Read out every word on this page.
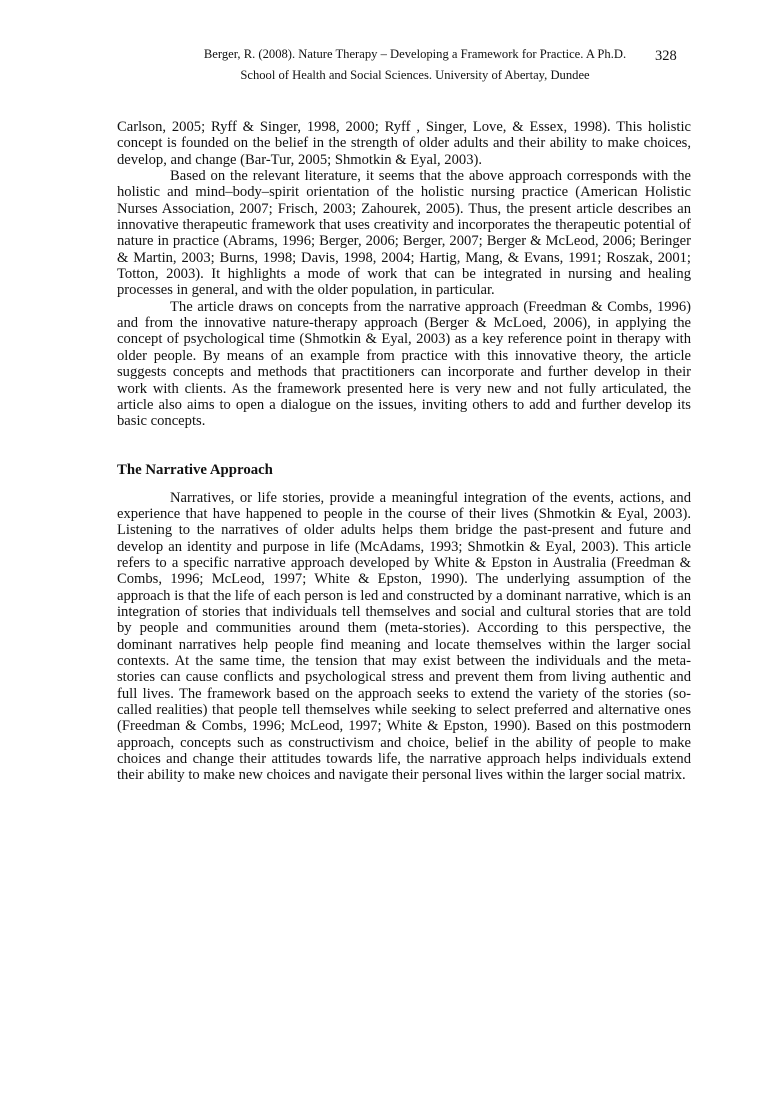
Berger, R. (2008). Nature Therapy – Developing a Framework for Practice. A Ph.D.
School of Health and Social Sciences. University of Abertay, Dundee
328

Carlson, 2005; Ryff & Singer, 1998, 2000; Ryff , Singer, Love, & Essex, 1998). This holistic concept is founded on the belief in the strength of older adults and their ability to make choices, develop, and change (Bar-Tur, 2005; Shmotkin & Eyal, 2003).

Based on the relevant literature, it seems that the above approach corresponds with the holistic and mind–body–spirit orientation of the holistic nursing practice (American Holistic Nurses Association, 2007; Frisch, 2003; Zahourek, 2005). Thus, the present article describes an innovative therapeutic framework that uses creativity and incorporates the therapeutic potential of nature in practice (Abrams, 1996; Berger, 2006; Berger, 2007; Berger & McLeod, 2006; Beringer & Martin, 2003; Burns, 1998; Davis, 1998, 2004; Hartig, Mang, & Evans, 1991; Roszak, 2001; Totton, 2003). It highlights a mode of work that can be integrated in nursing and healing processes in general, and with the older population, in particular.

The article draws on concepts from the narrative approach (Freedman & Combs, 1996) and from the innovative nature-therapy approach (Berger & McLoed, 2006), in applying the concept of psychological time (Shmotkin & Eyal, 2003) as a key reference point in therapy with older people. By means of an example from practice with this innovative theory, the article suggests concepts and methods that practitioners can incorporate and further develop in their work with clients. As the framework presented here is very new and not fully articulated, the article also aims to open a dialogue on the issues, inviting others to add and further develop its basic concepts.

The Narrative Approach

Narratives, or life stories, provide a meaningful integration of the events, actions, and experience that have happened to people in the course of their lives (Shmotkin & Eyal, 2003). Listening to the narratives of older adults helps them bridge the past-present and future and develop an identity and purpose in life (McAdams, 1993; Shmotkin & Eyal, 2003). This article refers to a specific narrative approach developed by White & Epston in Australia (Freedman & Combs, 1996; McLeod, 1997; White & Epston, 1990). The underlying assumption of the approach is that the life of each person is led and constructed by a dominant narrative, which is an integration of stories that individuals tell themselves and social and cultural stories that are told by people and communities around them (meta-stories). According to this perspective, the dominant narratives help people find meaning and locate themselves within the larger social contexts. At the same time, the tension that may exist between the individuals and the meta-stories can cause conflicts and psychological stress and prevent them from living authentic and full lives. The framework based on the approach seeks to extend the variety of the stories (so-called realities) that people tell themselves while seeking to select preferred and alternative ones (Freedman & Combs, 1996; McLeod, 1997; White & Epston, 1990). Based on this postmodern approach, concepts such as constructivism and choice, belief in the ability of people to make choices and change their attitudes towards life, the narrative approach helps individuals extend their ability to make new choices and navigate their personal lives within the larger social matrix.
